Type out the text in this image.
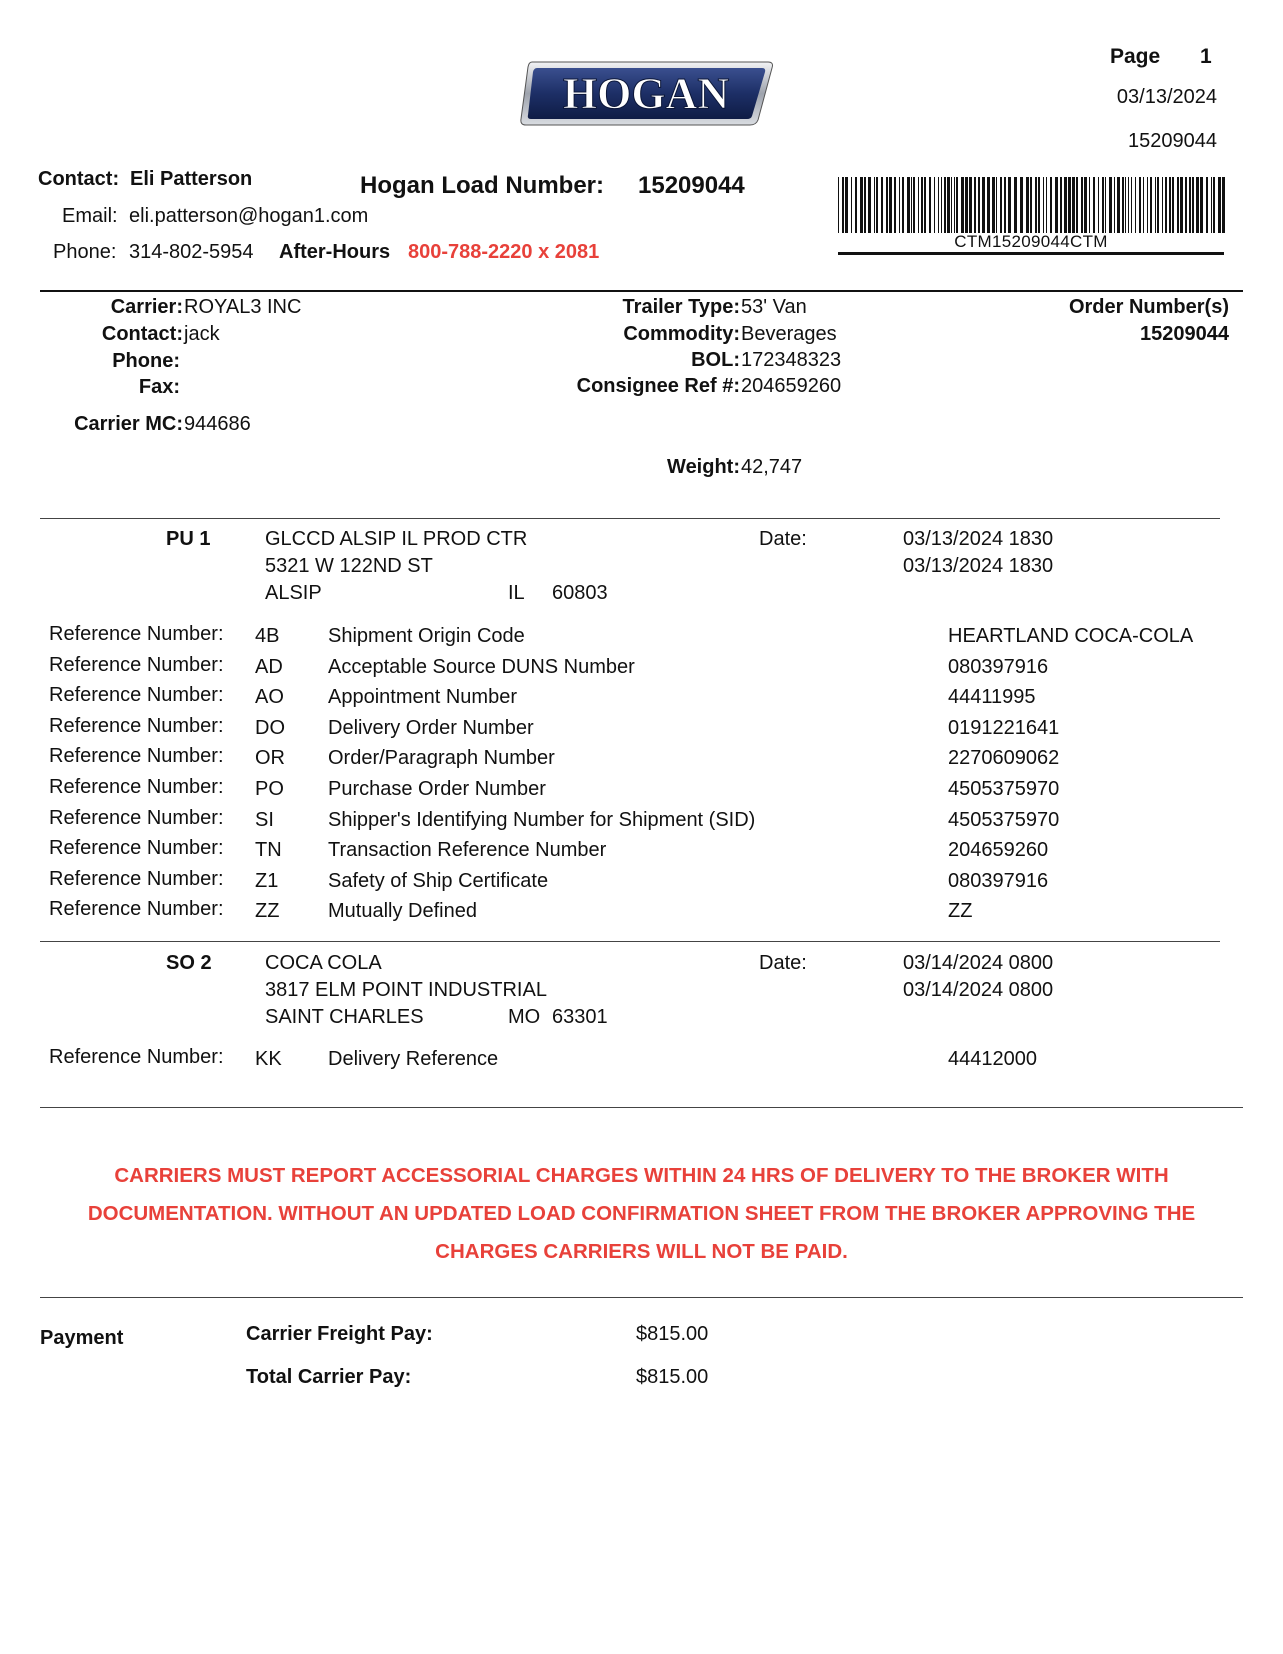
HOGAN
Page 1
03/13/2024
15209044
Contact: Eli Patterson
Email: eli.patterson@hogan1.com
Phone: 314-802-5954 After-Hours 800-788-2220 x 2081
Hogan Load Number: 15209044
CTM15209044CTM
Carrier: ROYAL3 INC
Contact: jack
Phone:
Fax:
Carrier MC: 944686
Trailer Type: 53' Van
Commodity: Beverages
BOL: 172348323
Consignee Ref #: 204659260
Weight: 42,747
Order Number(s)
15209044
PU 1	GLCCD ALSIP IL PROD CTR
5321 W 122ND ST
ALSIP	IL 60803
Date:	03/13/2024 1830
03/13/2024 1830
Reference Number: 4B Shipment Origin Code	HEARTLAND COCA-COLA
Reference Number: AD Acceptable Source DUNS Number	080397916
Reference Number: AO Appointment Number	44411995
Reference Number: DO Delivery Order Number	0191221641
Reference Number: OR Order/Paragraph Number	2270609062
Reference Number: PO Purchase Order Number	4505375970
Reference Number: SI	Shipper's Identifying Number for Shipment (SID)	4505375970
Reference Number: TN Transaction Reference Number	204659260
Reference Number: Z1 Safety of Ship Certificate	080397916
Reference Number: ZZ Mutually Defined	ZZ
SO 2	COCA COLA
3817 ELM POINT INDUSTRIAL
SAINT CHARLES	MO 63301
Date:	03/14/2024 0800
03/14/2024 0800
Reference Number: KK Delivery Reference	44412000
CARRIERS MUST REPORT ACCESSORIAL CHARGES WITHIN 24 HRS OF DELIVERY TO THE BROKER WITH
DOCUMENTATION. WITHOUT AN UPDATED LOAD CONFIRMATION SHEET FROM THE BROKER APPROVING THE
CHARGES CARRIERS WILL NOT BE PAID.
Payment	Carrier Freight Pay:	$815.00
Total Carrier Pay:	$815.00
